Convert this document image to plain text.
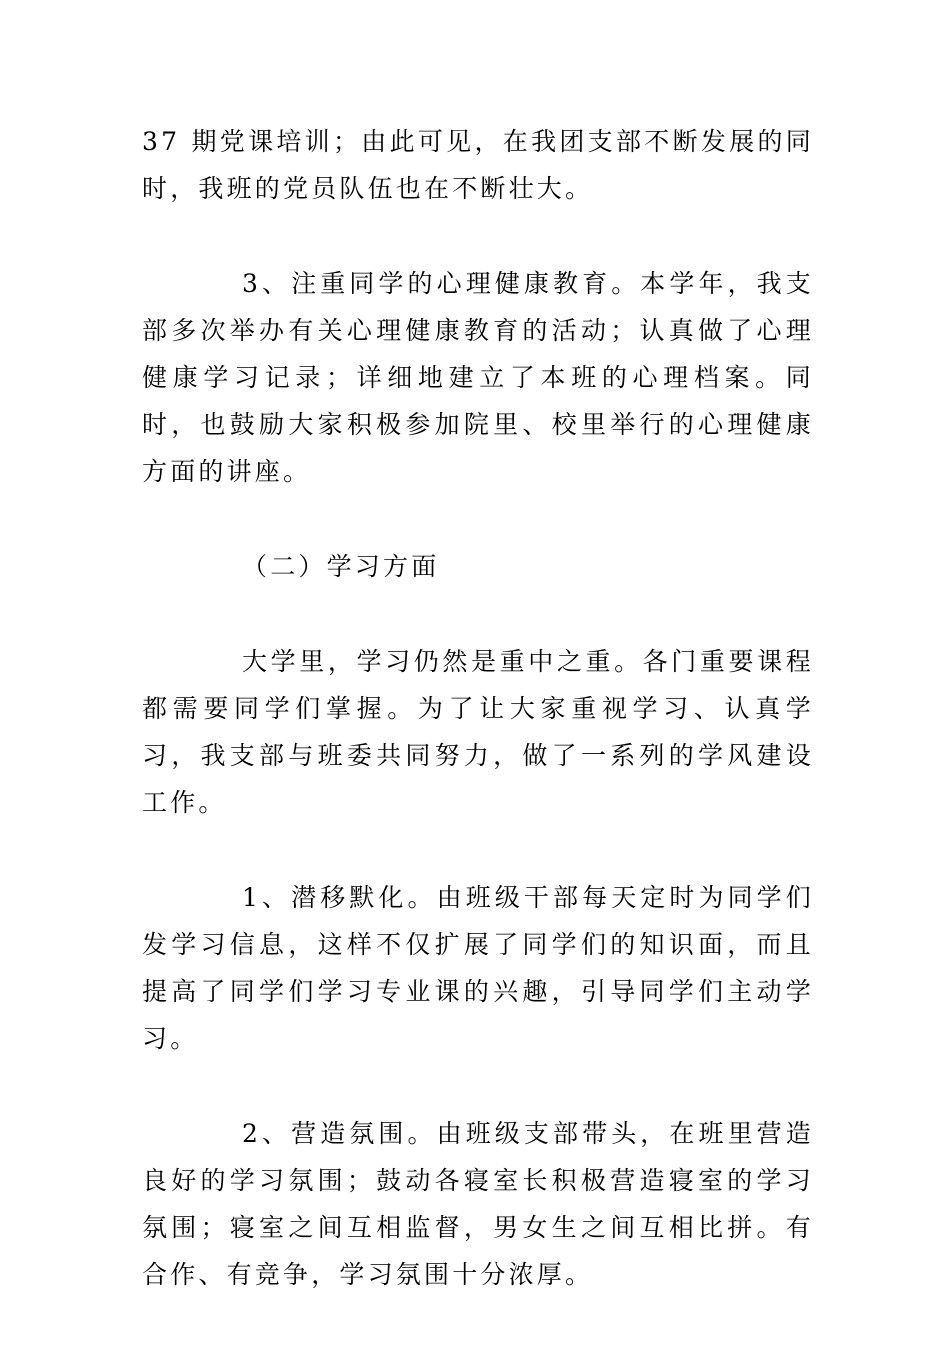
37 期党课培训；由此可见，在我团支部不断发展的同时，我班的党员队伍也在不断壮大。

3、注重同学的心理健康教育。本学年，我支部多次举办有关心理健康教育的活动；认真做了心理健康学习记录；详细地建立了本班的心理档案。同时，也鼓励大家积极参加院里、校里举行的心理健康方面的讲座。

（二）学习方面

大学里，学习仍然是重中之重。各门重要课程都需要同学们掌握。为了让大家重视学习、认真学习，我支部与班委共同努力，做了一系列的学风建设工作。

1、潜移默化。由班级干部每天定时为同学们发学习信息，这样不仅扩展了同学们的知识面，而且提高了同学们学习专业课的兴趣，引导同学们主动学习。

2、营造氛围。由班级支部带头，在班里营造良好的学习氛围；鼓动各寝室长积极营造寝室的学习氛围；寝室之间互相监督，男女生之间互相比拼。有合作、有竞争，学习氛围十分浓厚。
